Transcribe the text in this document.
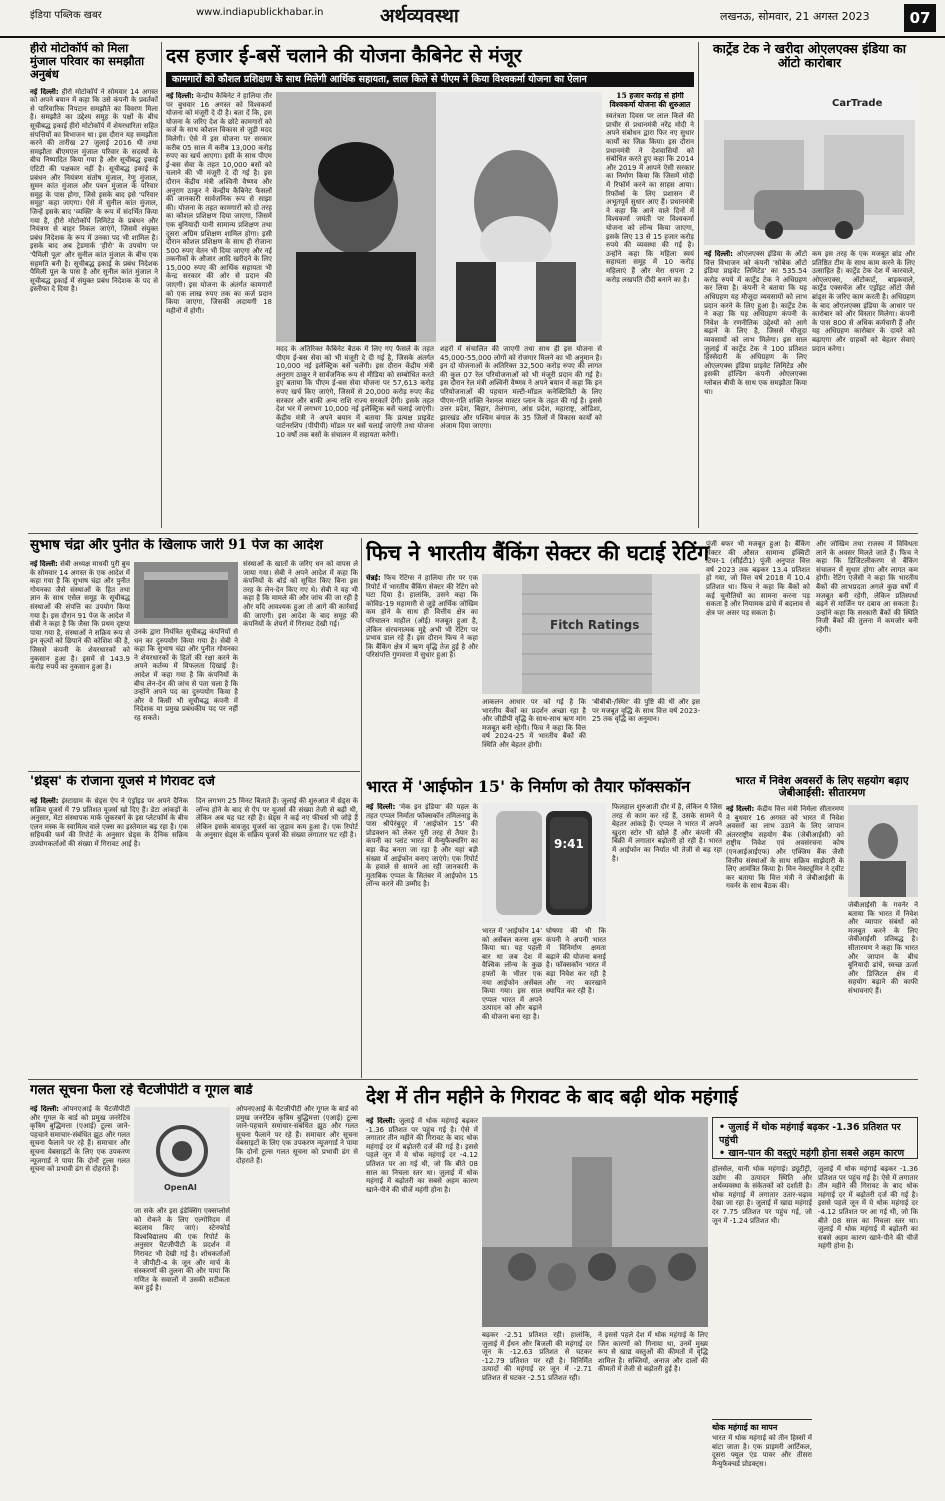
इंडिया पब्लिक खबर	www.indiapublickhabar.in	अर्थव्यवस्था	लखनऊ, सोमवार, 21 अगस्त 2023	07
हीरो मोटोकॉर्प को मिला मुंजाल परिवार का समझौता अनुबंध
नई दिल्ली: हीरो मोटोकॉर्प ने सोमवार 14 अगस्त को अपने बयान में कहा कि उसे कंपनी के प्रवर्तकों से पारिवारिक निपटान समझौते का विवरण मिला है। समझौते का उद्देश्य समूह के पक्षों के बीच सूचीबद्ध इकाई हीरो मोटोकॉर्प में शेयरधारिता सहित संपत्तियों का विभाजन था। इस दौरान यह समझौता करने की तारीख 27 जुलाई 2016 थी तथा समझौता बीएमएल मुंजाल परिवार के सदस्यों के बीच निष्पादित किया गया है और सूचीबद्ध इकाई एंटिटी की पक्षकार नहीं है। सूचीबद्ध इकाई के प्रबंधन और नियंत्रण संतोष मुंजाल, रेणु मुंजाल, सुमन कांत मुंजाल और पवन मुंजाल के परिवार समूह के पास होगा, जिसे इसके बाद इसे 'परिवार समूह' कहा जाएगा। ऐसे में सुनील कांत मुंजाल, जिन्हें इसके बाद 'व्यक्ति' के रूप में संदर्भित किया गया है, हीरो मोटोकॉर्प लिमिटेड के प्रबंधन और नियंत्रण से बाहर निकल जाएंगे, जिसमें संयुक्त प्रबंध निदेशक के रूप में उनका पद भी शामिल है। इसके बाद अब ट्रेडमार्क 'हीरो' के उपयोग पर 'पैमिली पूल' और सुनील कांत मुंजाल के बीच एक सहमति बनी है। सूचीबद्ध इकाई के प्रबंध निदेशक पैमिली पूल के पास है और सुनील कांत मुंजाल ने सूचीबद्ध इकाई में संयुक्त प्रबंध निदेशक के पद से इस्तीफा दे दिया है।
दस हजार ई-बसें चलाने की योजना कैबिनेट से मंजूर
कामगारों को कौशल प्रशिक्षण के साथ मिलेगी आर्थिक सहायता, लाल किले से पीएम ने किया विश्वकर्मा योजना का ऐलान
नई दिल्ली: केन्द्रीय कैबिनेट ने हालिया तौर पर बुधवार 16 अगस्त को विश्वकर्मा योजना को मंजूरी दे दी है। बता दें कि, इस योजना के जरिए देश के छोटे कामगारों को कर्ज के साथ कौशल विकास से जुड़ी मदद मिलेगी। ऐसे में इस योजना पर सरकार करीब 05 साल में करीब 13,000 करोड़ रुपए का खर्च आएगा। इसी के साथ पीएम ई-बस सेवा के तहत 10,000 बसों को चलाने की भी मंजूरी दे दी गई है। इस दौरान केंद्रीय मंत्री अश्विनी वैष्णव और अनुराग ठाकुर ने केन्द्रीय कैबिनेट फैसलों की जानकारी सार्वजनिक रूप से साझा की। योजना के तहत कामगारों को दो तरह का कौशल प्रशिक्षण दिया जाएगा, जिसमें एक बुनियादी यानी सामान्य प्रशिक्षण तथा दूसरा अग्रिम प्रशिक्षण शामिल होगा। इसी दौरान कौशल प्रशिक्षण के साथ ही रोजाना 500 रुपए वेतन भी दिया जाएगा और नई तकनीकों के औजार आदि खरीदने के लिए 15,000 रुपए की आर्थिक सहायता भी केन्द्र सरकार की ओर से प्रदान की जाएगी। इस योजना के अंतर्गत कामगारों को एक लाख रुपए तक का कर्ज प्रदान किया जाएगा, जिसकी अदायगी 18 महीनों में होगी।
मदद के अतिरिक्त कैबिनेट बैठक में लिए गए फैसले के तहत पीएम ई-बस सेवा को भी मंजूरी दे दी गई है, जिसके अंतर्गत 10,000 नई इलेक्ट्रिक बसें चलेंगी। इस दौरान केंद्रीय मंत्री अनुराग ठाकुर ने सार्वजनिक रूप से मीडिया को सम्बोधित करते हुए बताया कि पीएम ई-बस सेवा योजना पर 57,613 करोड़ रुपए खर्च किए जाएंगे, जिसमें से 20,000 करोड़ रुपए केंद्र सरकार और बाकी अन्य राशि राज्य सरकारें देंगी। इसके तहत देश भर में लगभग 10,000 नई इलेक्ट्रिक बसें चलाई जाएंगी। केंद्रीय मंत्री ने अपने बयान में बताया कि प्रत्यक्ष प्राइवेट पार्टनरशिप (पीपीपी) मॉडल पर बसें चलाई जाएंगी तथा योजना 10 वर्षों तक बसों के संचालन में सहायता करेगी।
शहरों में संचालित की जाएगी तथा साथ ही इस योजना से 45,000-55,000 लोगों को रोजगार मिलने का भी अनुमान है। इन दो योजनाओं के अतिरिक्त 32,500 करोड़ रुपए की लागत की कुल 07 रेल परियोजनाओं को भी मंजूरी प्रदान की गई है। इस दौरान रेल मंत्री अश्विनी वैष्णव ने अपने बयान में कहा कि इन परियोजनाओं की पहचान मल्टी-मॉडल कनेक्टिविटी के लिए पीएम-गति शक्ति नेशनल मास्टर प्लान के तहत की गई है। इससे उत्तर प्रदेश, बिहार, तेलंगाना, आंध्र प्रदेश, महाराष्ट्र, ओडिशा, झारखंड और पश्चिम बंगाल के 35 जिलों में विकास कार्यों को अंजाम दिया जाएगा।
15 हजार करोड़ से होगी विश्वकर्मा योजना की शुरुआत
स्वतंत्रता दिवस पर लाल किले की प्राचीर से प्रधानमंत्री नरेंद्र मोदी ने अपने संबोधन द्वारा फिर नए सुधार कार्यों का जिक्र किया। इस दौरान प्रधानमंत्री ने देशवासियों को संबोधित करते हुए कहा कि 2014 और 2019 में आपने ऐसी सरकार का निर्माण किया कि जिसमें मोदी में रिफॉर्म करने का साहस आया। रिफॉर्म्स के लिए प्रशासन में अभूतपूर्व सुधार आए हैं। प्रधानमंत्री ने कहा कि आने वाले दिनों में विश्वकर्मा जयंती पर विश्वकर्मा योजना को लॉन्च किया जाएगा, इसके लिए 13 से 15 हजार करोड़ रुपये की व्यवस्था की गई है। उन्होंने कहा कि महिला स्वयं सहायता समूह में 10 करोड़ महिलाएं हैं और मेरा सपना 2 करोड़ लखपति दीदी बनाने का है।
कार्ट्रेड टेक ने खरीदा ओएलएक्स इंडिया का ऑटो कारोबार
CarTrade
नई दिल्ली: ओएलएक्स इंडिया के ऑटो वित्त विभाजन को कंपनी 'सोबेक ऑटो इंडिया प्राइवेट लिमिटेड' का 535.54 करोड़ रुपये में कार्ट्रेड टेक ने अधिग्रहण कर लिया है। कंपनी ने बताया कि यह अधिग्रहण यह मौजूदा व्यवसायों को लाभ प्रदान करने के लिए हुआ है। कार्ट्रेड टेक ने कहा कि यह अधिग्रहण कंपनी के निवेश के रणनीतिक उद्देश्यों को आगे बढ़ाने के लिए है, जिससे मौजूदा व्यवसायों को लाभ मिलेगा। इस साल जुलाई में कार्ट्रेड टेक ने 100 प्रतिशत हिस्सेदारी के अधिग्रहण के लिए ओएलएक्स इंडिया प्राइवेट लिमिटेड और इसकी होल्डिंग कंपनी ओएलएक्स ग्लोबल बीवी के साथ एक समझौता किया था।
कम इस तरह के एक मजबूत ब्रांड और प्रतिष्ठित टीम के साथ काम करने के लिए उत्साहित हैं। कार्ट्रेड टेक देश में कारवाले, ओएलएक्स, ऑटोकार्ट, बाइकवाले, कार्ट्रेड एक्सचेंज और एड्रॉइट ऑटो जैसे ब्रांड्स के जरिए काम करती है। अधिग्रहण के बाद ओएलएक्स इंडिया के आधार पर कारोबार को और विस्तार मिलेगा। कंपनी के पास 800 से अधिक कर्मचारी हैं और यह अधिग्रहण कारोबार के दायरे को बढ़ाएगा और ग्राहकों को बेहतर सेवाएं प्रदान करेगा।
सुभाष चंद्रा और पुनीत के खिलाफ जारी 91 पेज का आदेश
नई दिल्ली: सेबी अध्यक्ष माधवी पुरी बुच के सोमवार 14 अगस्त के एक आदेश में कहा गया है कि सुभाष चंद्रा और पुनीत गोयनका जैसे संस्थाओं के हित तथा ज्ञान के साथ एसेल समूह के सूचीबद्ध संस्थाओं की संपत्ति का उपयोग किया गया है। इस दौरान 91 पेज के आदेश में सेबी ने कहा है कि जैसा कि प्रथम दृष्टया पाया गया है, संस्थाओं ने सक्रिय रूप से इन कृत्यों को छिपाने की कोशिश की है, जिससे कंपनी के शेयरधारकों को नुकसान हुआ है। इसमें से 143.9 करोड़ रुपये का नुकसान हुआ है।
उनके द्वारा नियंत्रित सूचीबद्ध कंपनियों से धन का दुरुपयोग किया गया है। सेबी ने कहा कि सुभाष चंद्रा और पुनीत गोयनका ने शेयरधारकों के हितों की रक्षा करने के अपने कर्तव्य में विफलता दिखाई है। आदेश में कहा गया है कि कंपनियों के बीच लेन-देन की जांच से पता चला है कि उन्होंने अपने पद का दुरुपयोग किया है और वे किसी भी सूचीबद्ध कंपनी में निदेशक या प्रमुख प्रबंधकीय पद पर नहीं रह सकते।
संस्थाओं के खातों के जरिए धन को वापस ले जाया गया। सेबी ने अपने आदेश में कहा कि कंपनियों के बोर्ड को सूचित किए बिना इस तरह के लेन-देन किए गए थे। सेबी ने यह भी कहा है कि मामले की और जांच की जा रही है और यदि आवश्यक हुआ तो आगे की कार्रवाई की जाएगी। इस आदेश के बाद समूह की कंपनियों के शेयरों में गिरावट देखी गई।
फिच ने भारतीय बैंकिंग सेक्टर की घटाई रेटिंग
चेन्नई: फिच रेटिंग्स ने हालिया तौर पर एक रिपोर्ट में भारतीय बैंकिंग सेक्टर की रेटिंग को घटा दिया है। हालांकि, उसने कहा कि कोविड-19 महामारी से जुड़े आर्थिक जोखिम कम होने के साथ ही वित्तीय क्षेत्र का परिचालन माहौल (ओई) मजबूत हुआ है, लेकिन संरचनात्मक मुद्दे अभी भी रेटिंग पर प्रभाव डाल रहे हैं। इस दौरान फिच ने कहा कि बैंकिंग क्षेत्र में ऋण वृद्धि तेज हुई है और परिसंपत्ति गुणवत्ता में सुधार हुआ है।
Fitch Ratings
आकलन आधार पर को गई है कि भारतीय बैंकों का प्रदर्शन अच्छा रहा है और जीडीपी वृद्धि के साथ-साथ ऋण मांग मजबूत बनी रहेगी। फिच ने कहा कि वित्त वर्ष 2024-25 में भारतीय बैंकों की स्थिति और बेहतर होगी।
'बीबीबी-/स्थिर' की पुष्टि की थी और इस पर मजबूत वृद्धि के साथ वित्त वर्ष 2023-25 तक वृद्धि का अनुमान।
पूंजी बफर भी मजबूत हुआ है। बैंकिंग सेक्टर की औसत सामान्य इक्विटी टियर-1 (सीईटी1) पूंजी अनुपात वित्त वर्ष 2023 तक बढ़कर 13.4 प्रतिशत हो गया, जो वित्त वर्ष 2018 में 10.4 प्रतिशत था। फिच ने कहा कि बैंकों को कई चुनौतियों का सामना करना पड़ सकता है और नियामक ढांचे में बदलाव से क्षेत्र पर असर पड़ सकता है।
और जोखिम तथा राजस्व में विविधता लाने के अवसर मिलते जाते हैं। फिच ने कहा कि डिजिटलीकरण से बैंकिंग संचालन में सुधार होगा और लागत कम होगी। रेटिंग एजेंसी ने कहा कि भारतीय बैंकों की लाभप्रदता अगले कुछ वर्षों में मजबूत बनी रहेगी, लेकिन प्रतिस्पर्धा बढ़ने से मार्जिन पर दबाव आ सकता है। उन्होंने कहा कि सरकारी बैंकों की स्थिति निजी बैंकों की तुलना में कमजोर बनी रहेगी।
'थ्रेड्स' के रोजाना यूजर्स में गिरावट दर्ज
नई दिल्ली: इंस्टाग्राम के थ्रेड्स ऐप ने एंड्रॉइड पर अपने दैनिक सक्रिय यूजर्स में 79 प्रतिशत यूजर्स खो दिए हैं। डेटा आंकड़ों के अनुसार, मेटा संस्थापक मार्क जुकरबर्ग के इस प्लेटफॉर्म के बीच एलन मस्क के स्वामित्व वाले एक्स का इस्तेमाल बढ़ रहा है। एक सहियकी फर्म की रिपोर्ट के अनुसार थ्रेड्स के दैनिक सक्रिय उपयोगकर्ताओं की संख्या में गिरावट आई है।
दिन लगभग 25 मिनट बिताते हैं। जुलाई की शुरुआत में थ्रेड्स के लॉन्च होने के बाद से ऐप पर यूजर्स की संख्या तेजी से बढ़ी थी, लेकिन अब यह घट रही है। थ्रेड्स ने कई नए फीचर्स भी जोड़े हैं लेकिन इसके बावजूद यूजर्स का जुड़ाव कम हुआ है। एक रिपोर्ट के अनुसार थ्रेड्स के सक्रिय यूजर्स की संख्या लगातार घट रही है।
भारत में 'आईफोन 15' के निर्माण को तैयार फॉक्सकॉन
नई दिल्ली: 'मेक इन इंडिया' की पहल के तहत एप्पल निर्माता फॉक्सकॉन तमिलनाडु के पास श्रीपेरंबुदूर में 'आईफोन 15' की प्रोडक्शन को लेकर पूरी तरह से तैयार है। कंपनी का प्लांट भारत में मैन्युफैक्चरिंग का बड़ा केंद्र बनता जा रहा है और यहां बड़ी संख्या में आईफोन बनाए जाएंगे। एक रिपोर्ट के हवाले से सामने आ रही जानकारी के मुताबिक एप्पल के सितंबर में आईफोन 15 लॉन्च करने की उम्मीद है।
9:41
भारत में 'आईफोन 14' को असेंबल करना शुरू किया था। यह पहली बार था जब देश में वैश्विक लॉन्च के कुछ हफ्तों के भीतर एक नया आईफोन असेंबल किया गया। इस साल एप्पल भारत में अपने उत्पादन को और बढ़ाने की योजना बना रहा है।
घोषणा की थी कि कंपनी ने अपनी भारत में विनिर्माण क्षमता बढ़ाने की योजना बनाई है। फॉक्सकॉन भारत में बड़ा निवेश कर रही है और नए कारखाने स्थापित कर रही है।
फिलहाल शुरुआती दौर में है, लेकिन ये जिस तरह से काम कर रहे हैं, उसके सामने ये बेहतर आंकड़े हैं। एप्पल ने भारत में अपने खुदरा स्टोर भी खोले हैं और कंपनी की बिक्री में लगातार बढ़ोतरी हो रही है। भारत में आईफोन का निर्यात भी तेजी से बढ़ रहा है।
भारत में निवेश अवसरों के लिए सहयोग बढ़ाए जेबीआईसी: सीतारमण
नई दिल्ली: केंद्रीय वित्त मंत्री निर्मला सीतारमण ने बुधवार 16 अगस्त को भारत में निवेश अवसरों का लाभ उठाने के लिए जापान अंतरराष्ट्रीय सहयोग बैंक (जेबीआईसी) को राष्ट्रीय निवेश एवं अवसंरचना कोष (एनआईआईएफ) और एक्जिम बैंक जैसी वित्तीय संस्थाओं के साथ सक्रिय साझेदारी के लिए आमंत्रित किया है। मिन नेक्ट्यूमिन ने ट्वीट कर बताया कि वित्त मंत्री ने जेबीआईसी के गवर्नर के साथ बैठक की।
जेबीआईसी के गवर्नर ने बताया कि भारत में निवेश और व्यापार संबंधों को मजबूत करने के लिए जेबीआईसी प्रतिबद्ध है। सीतारमण ने कहा कि भारत और जापान के बीच बुनियादी ढांचे, स्वच्छ ऊर्जा और डिजिटल क्षेत्र में सहयोग बढ़ाने की काफी संभावनाएं हैं।
गलत सूचना फैला रहे चैटजीपीटी व गूगल बार्ड
नई दिल्ली: ओपनएआई के चैटजीपीटी और गूगल के बार्ड को प्रमुख जनरेटिव कृत्रिम बुद्धिमत्ता (एआई) टूल्स जाने-पहचाने समाचार-संबंधित झूठ और गलत सूचना फैलाने पर रहे हैं। समाचार और सूचना वेबसाइटों के लिए एक उपकरण न्यूजगार्ड ने पाया कि दोनों टूल्स गलत सूचना को प्रभावी ढंग से दोहराते हैं।
OpenAI
जा सके और इस इंडेक्सिंग एक्सप्लोर्स को रोकने के लिए एल्गोरिदम में बदलाव किए जाएं। स्टेनफोर्ड विश्वविद्यालय की एक रिपोर्ट के अनुसार चैटजीपीटी के प्रदर्शन में गिरावट भी देखी गई है। शोधकर्ताओं ने जीपीटी-4 के जून और मार्च के संस्करणों की तुलना की और पाया कि गणित के सवालों में उसकी सटीकता कम हुई है।
ओपनएआई के चैटजीपीटी और गूगल के बार्ड को प्रमुख जनरेटिव कृत्रिम बुद्धिमत्ता (एआई) टूल्स जाने-पहचाने समाचार-संबंधित झूठ और गलत सूचना फैलाने पर रहे हैं। समाचार और सूचना वेबसाइटों के लिए एक उपकरण न्यूजगार्ड ने पाया कि दोनों टूल्स गलत सूचना को प्रभावी ढंग से दोहराते हैं।
देश में तीन महीने के गिरावट के बाद बढ़ी थोक महंगाई
नई दिल्ली: जुलाई में थोक महंगाई बढ़कर -1.36 प्रतिशत पर पहुंच गई है। ऐसे में लगातार तीन महीने की गिरावट के बाद थोक महंगाई दर में बढ़ोतरी दर्ज की गई है। इससे पहले जून में ये थोक महंगाई दर -4.12 प्रतिशत पर आ गई थी, जो कि बीते 08 साल का निचला स्तर था। जुलाई में थोक महंगाई में बढ़ोतरी का सबसे अहम कारण खाने-पीने की चीजें महंगी होना है।
बढ़कर -2.51 प्रतिशत रही। हालांकि, जुलाई में ईंधन और बिजली की महंगाई दर जून के -12.63 प्रतिशत से घटकर -12.79 प्रतिशत पर रही है। विनिर्मित उत्पादों की महंगाई दर जून में -2.71 प्रतिशत से घटकर -2.51 प्रतिशत रही।
ने इससे पहले देश में थोक महंगाई के लिए जिन कारणों को गिनाया था, उनमें मुख्य रूप से खाद्य वस्तुओं की कीमतों में वृद्धि शामिल है। सब्जियों, अनाज और दालों की कीमतों में तेजी से बढ़ोतरी हुई है।
• जुलाई में थोक महंगाई बढ़कर -1.36 प्रतिशत पर पहुंची
• खान-पान की वस्तुएं महंगी होना सबसे अहम कारण
होलसेल, यानी थोक महंगाई। ड्यूटीट्री, उद्योग की उत्पादन स्थिति और अर्थव्यवस्था के संकेतकों को दर्शाती है। थोक महंगाई में लगातार उतार-चढ़ाव देखा जा रहा है। जुलाई में खाद्य महंगाई दर 7.75 प्रतिशत पर पहुंच गई, जो जून में -1.24 प्रतिशत थी।
जुलाई में थोक महंगाई बढ़कर -1.36 प्रतिशत पर पहुंच गई है। ऐसे में लगातार तीन महीने की गिरावट के बाद थोक महंगाई दर में बढ़ोतरी दर्ज की गई है। इससे पहले जून में ये थोक महंगाई दर -4.12 प्रतिशत पर आ गई थी, जो कि बीते 08 साल का निचला स्तर था। जुलाई में थोक महंगाई में बढ़ोतरी का सबसे अहम कारण खाने-पीने की चीजें महंगी होना है।
थोक महंगाई का मापन
भारत में थोक महंगाई को तीन हिस्सों में बांटा जाता है। एक प्राइमरी आर्टिकल, दूसरा फ्यूल एंड पावर और तीसरा मैन्युफैक्चर्ड प्रोडक्ट्स।
